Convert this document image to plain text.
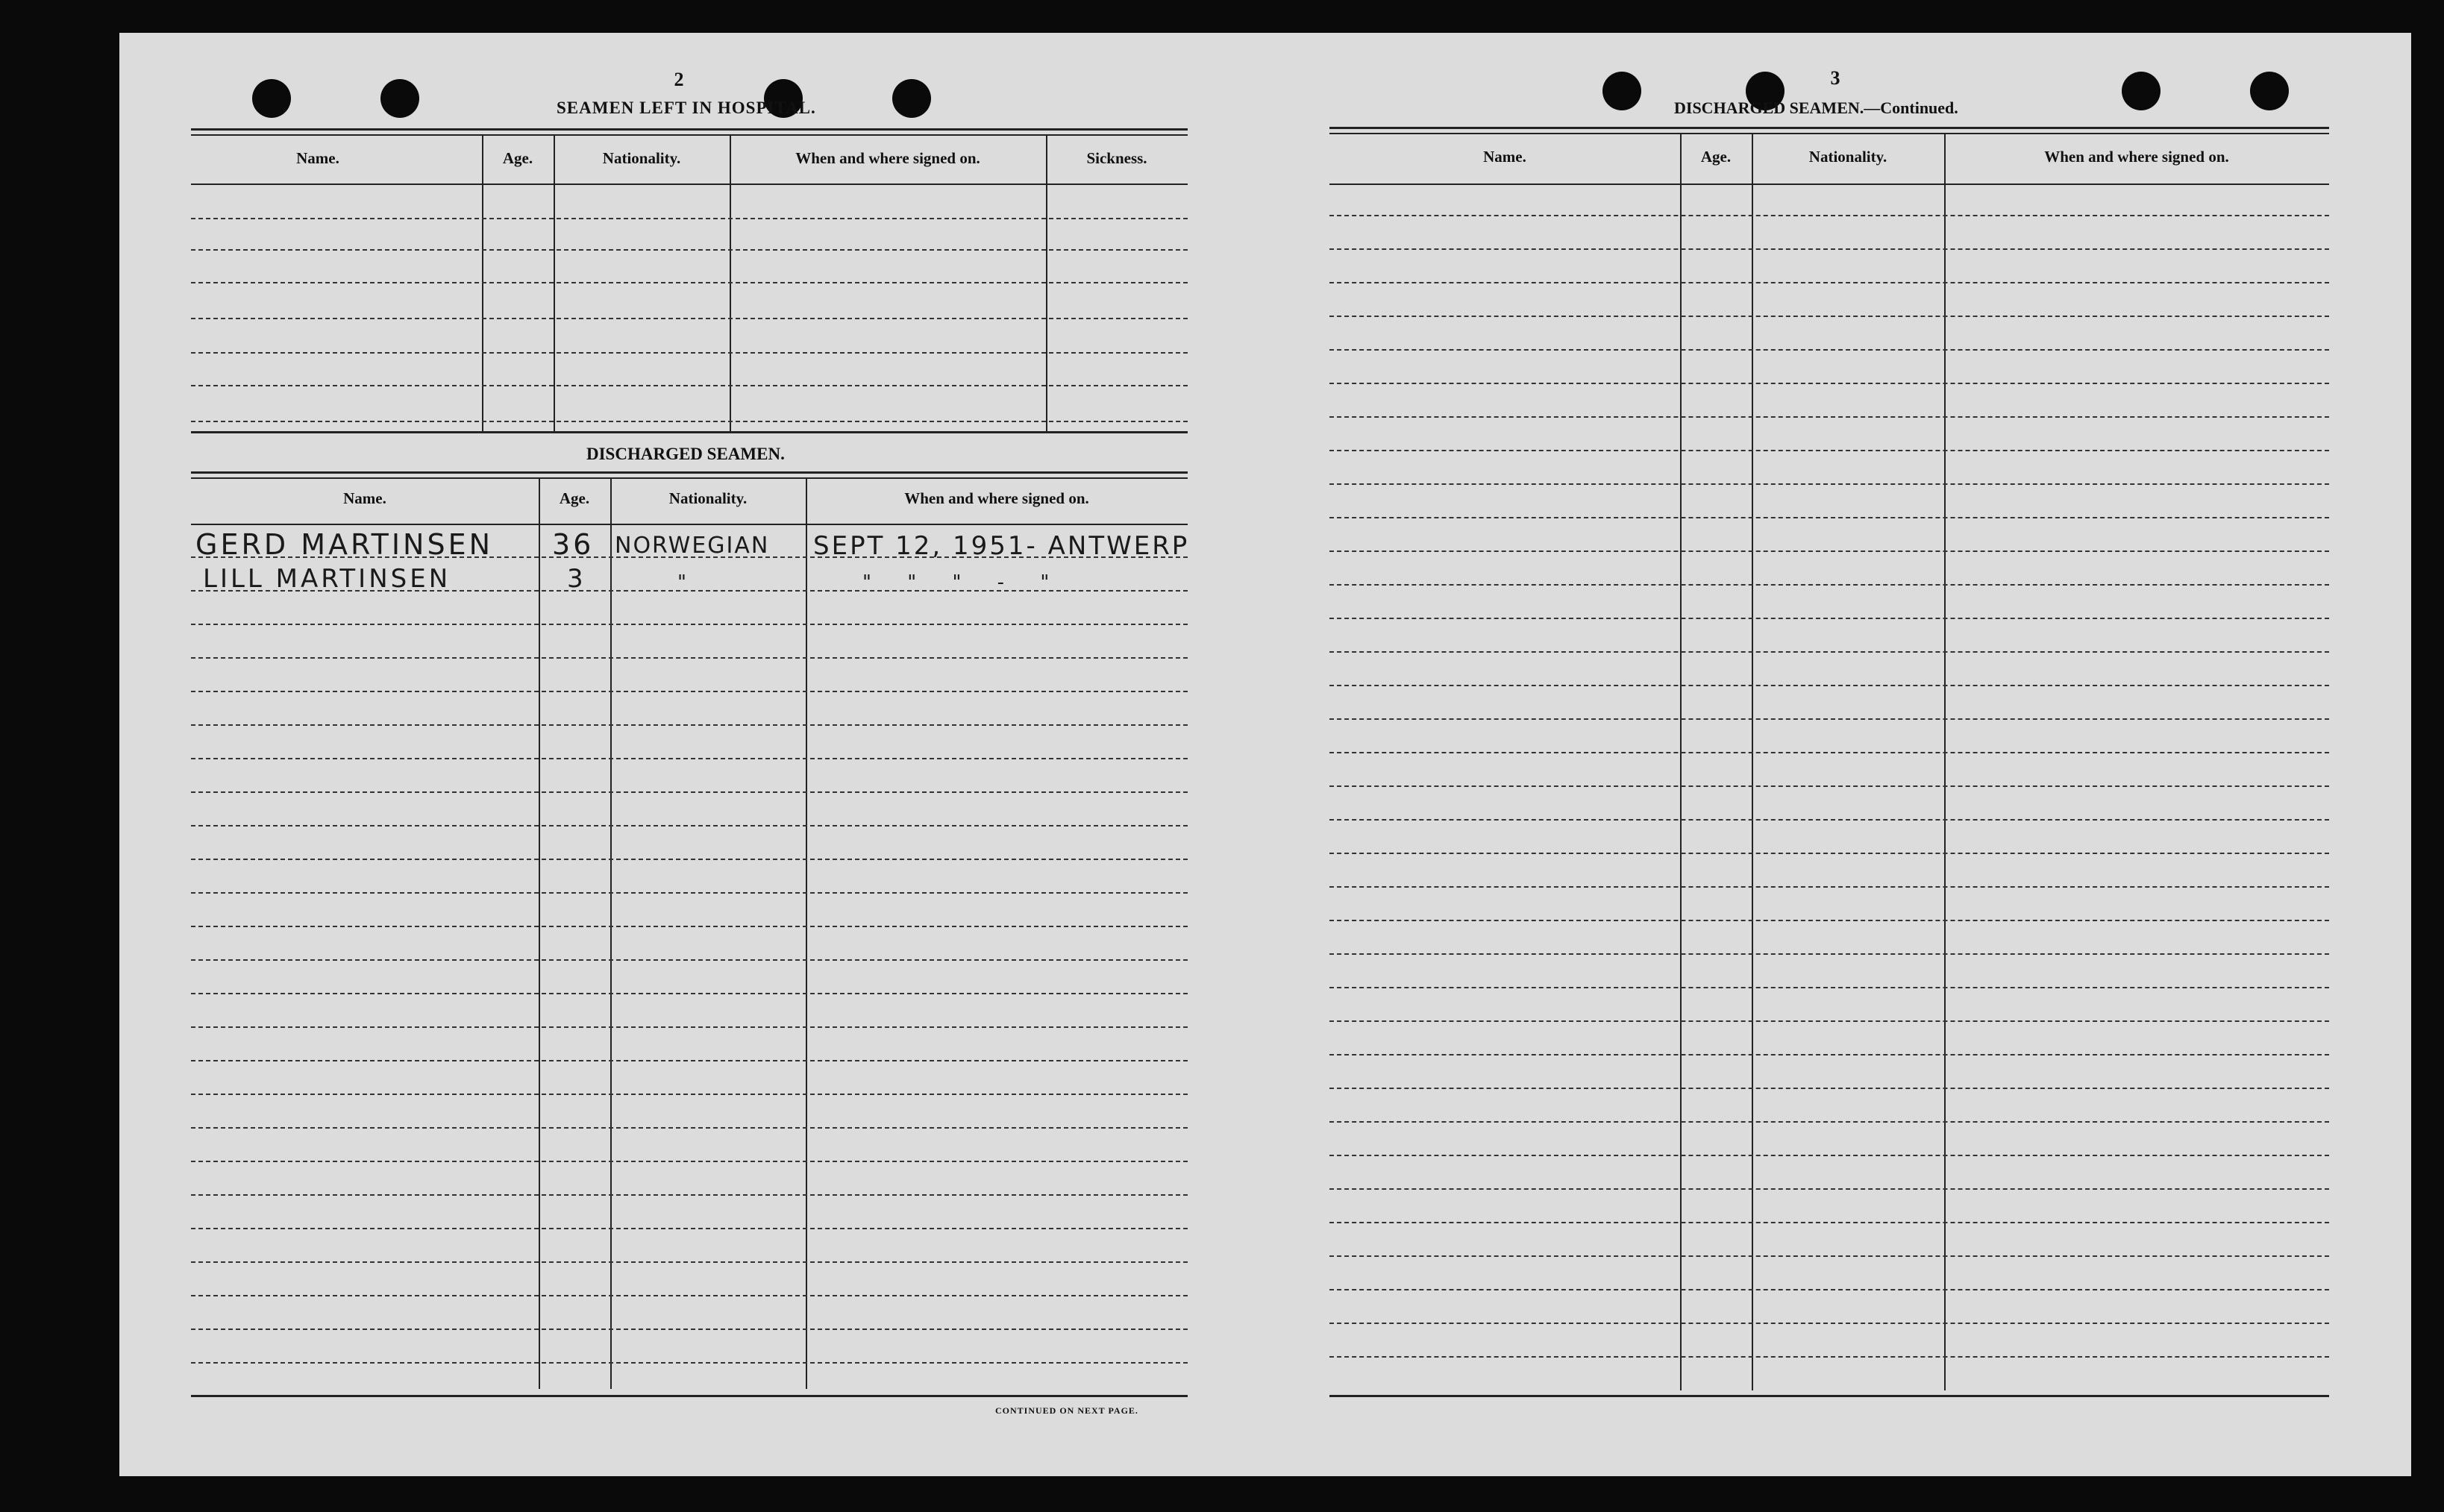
2
SEAMEN LEFT IN HOSPITAL.
Name.	Age.	Nationality.	When and where signed on.	Sickness.
DISCHARGED SEAMEN.
Name.	Age.	Nationality.	When and where signed on.
GERD MARTINSEN 36 NORWEGIAN SEPT 12, 1951- ANTWERP
LILL MARTINSEN	3	"	" " " - "
CONTINUED ON NEXT PAGE.
3
DISCHARGED SEAMEN.—Continued.
Name.	Age.	Nationality.	When and where signed on.
